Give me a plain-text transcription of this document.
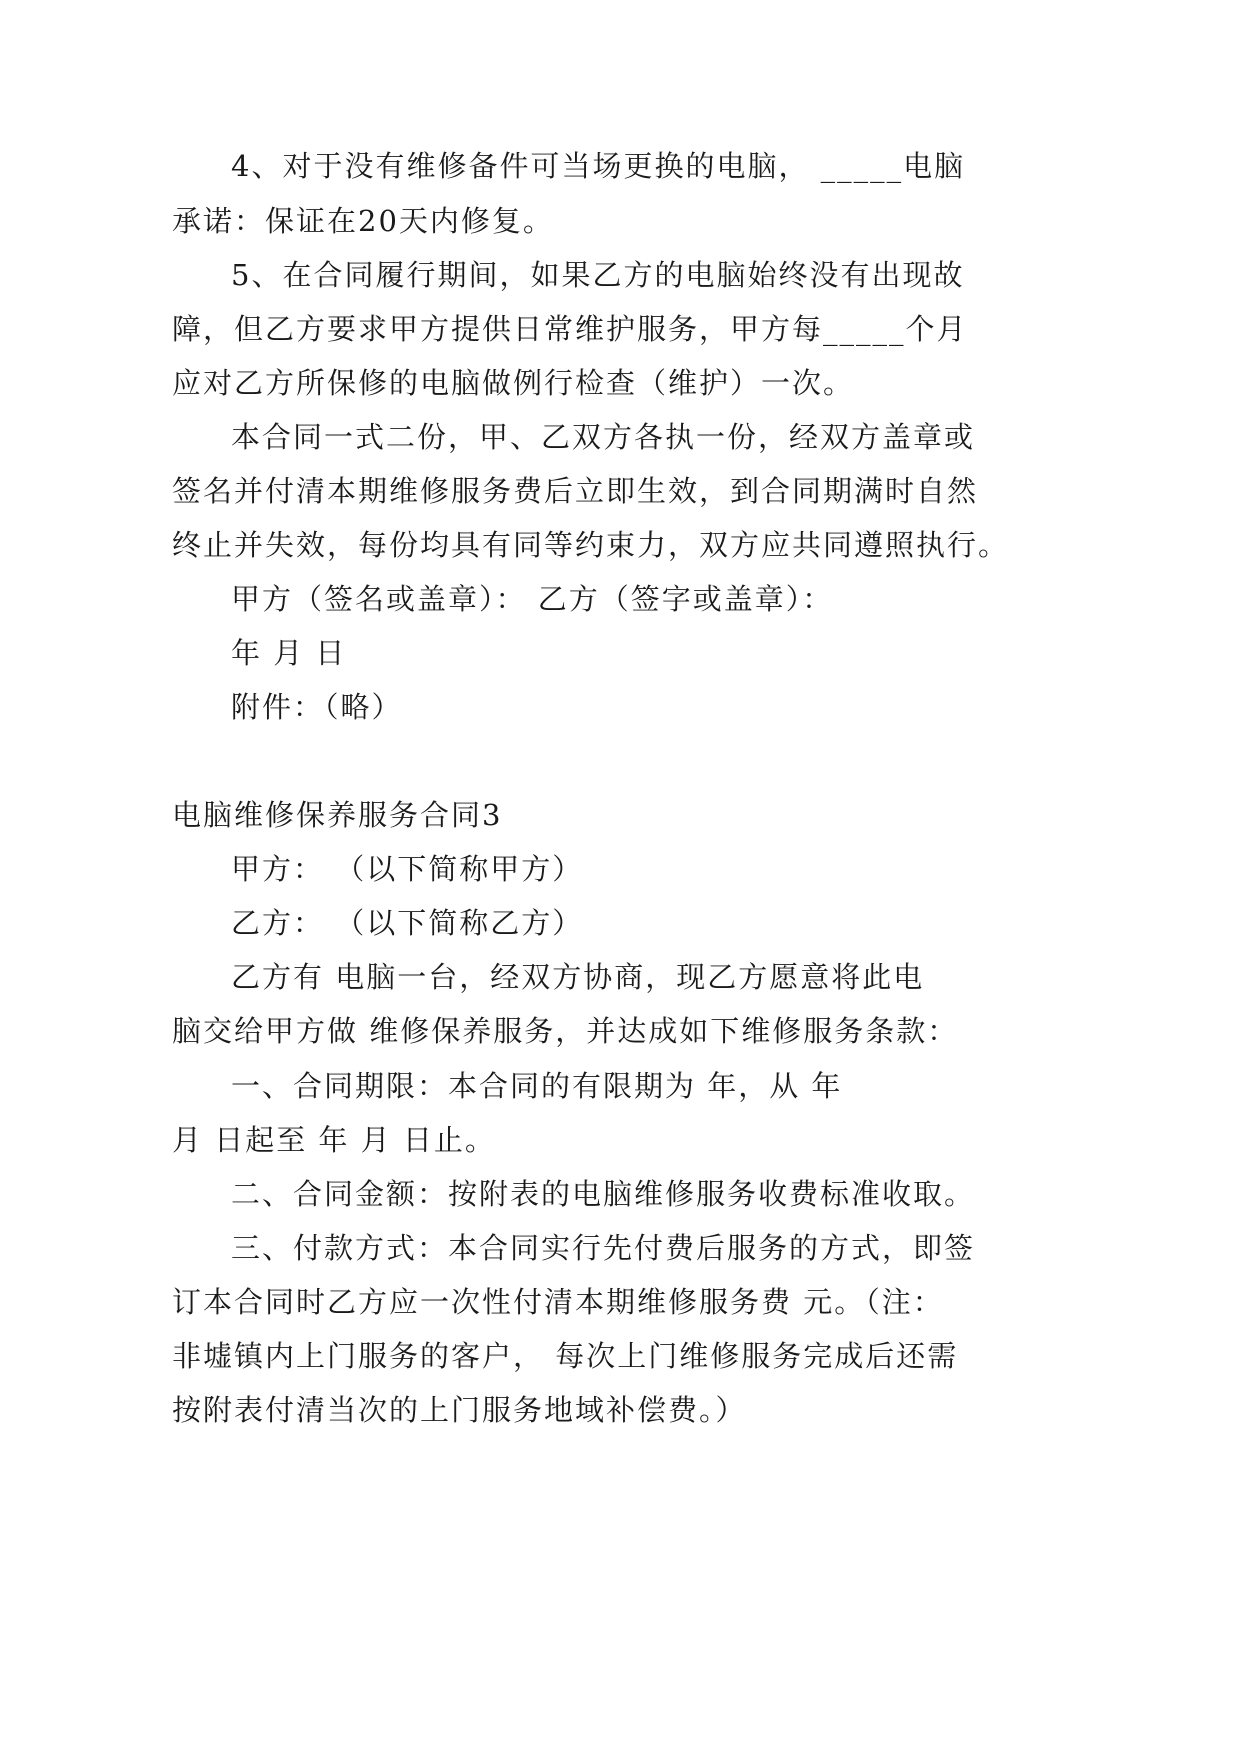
4、对于没有维修备件可当场更换的电脑， _____电脑
承诺：保证在20天内修复。
5、在合同履行期间，如果乙方的电脑始终没有出现故
障，但乙方要求甲方提供日常维护服务，甲方每_____个月
应对乙方所保修的电脑做例行检查（维护）一次。
本合同一式二份，甲、乙双方各执一份，经双方盖章或
签名并付清本期维修服务费后立即生效，到合同期满时自然
终止并失效，每份均具有同等约束力，双方应共同遵照执行。
甲方（签名或盖章）： 乙方（签字或盖章）：
年 月 日
附件：（略）
电脑维修保养服务合同3
甲方： （以下简称甲方）
乙方： （以下简称乙方）
乙方有 电脑一台，经双方协商，现乙方愿意将此电
脑交给甲方做 维修保养服务，并达成如下维修服务条款：
一、合同期限：本合同的有限期为 年，从 年
月 日起至 年 月 日止。
二、合同金额：按附表的电脑维修服务收费标准收取。
三、付款方式：本合同实行先付费后服务的方式，即签
订本合同时乙方应一次性付清本期维修服务费 元。（注：
非墟镇内上门服务的客户， 每次上门维修服务完成后还需
按附表付清当次的上门服务地域补偿费。）
